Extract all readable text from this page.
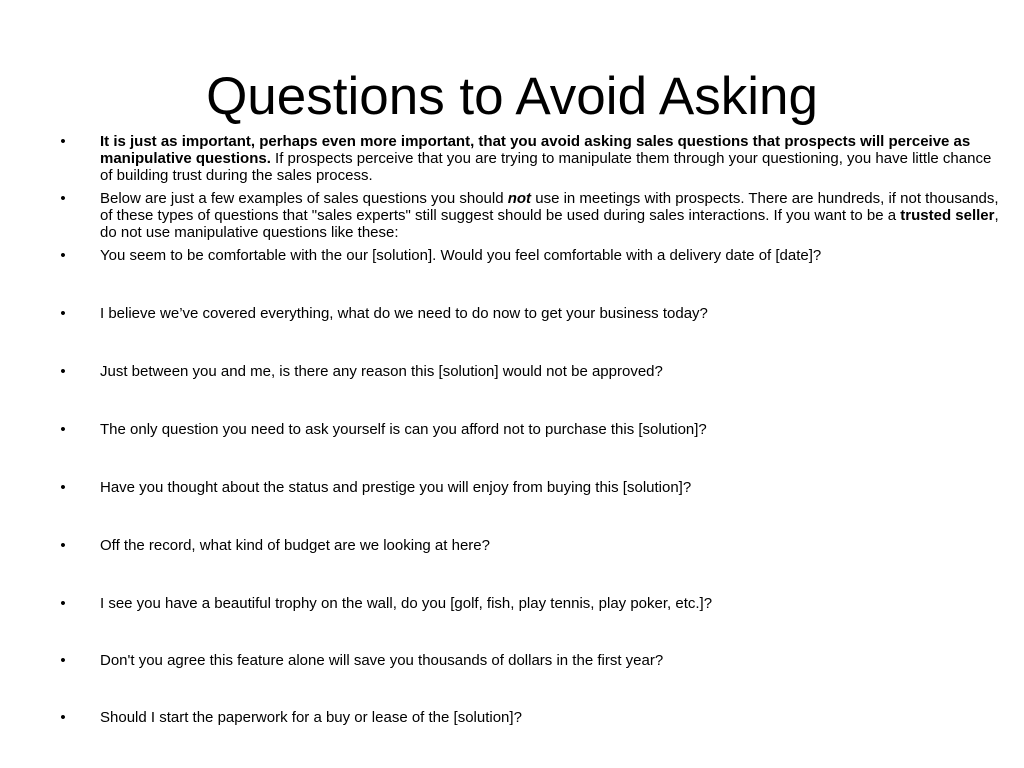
Questions to Avoid Asking
• It is just as important, perhaps even more important, that you avoid asking sales questions that prospects will perceive as manipulative questions. If prospects perceive that you are trying to manipulate them through your questioning, you have little chance of building trust during the sales process.
• Below are just a few examples of sales questions you should not use in meetings with prospects. There are hundreds, if not thousands, of these types of questions that "sales experts" still suggest should be used during sales interactions. If you want to be a trusted seller, do not use manipulative questions like these:
• You seem to be comfortable with the our [solution]. Would you feel comfortable with a delivery date of [date]?
• I believe we’ve covered everything, what do we need to do now to get your business today?
• Just between you and me, is there any reason this [solution] would not be approved?
• The only question you need to ask yourself is can you afford not to purchase this [solution]?
• Have you thought about the status and prestige you will enjoy from buying this [solution]?
• Off the record, what kind of budget are we looking at here?
• I see you have a beautiful trophy on the wall, do you [golf, fish, play tennis, play poker, etc.]?
• Don't you agree this feature alone will save you thousands of dollars in the first year?
• Should I start the paperwork for a buy or lease of the [solution]?
